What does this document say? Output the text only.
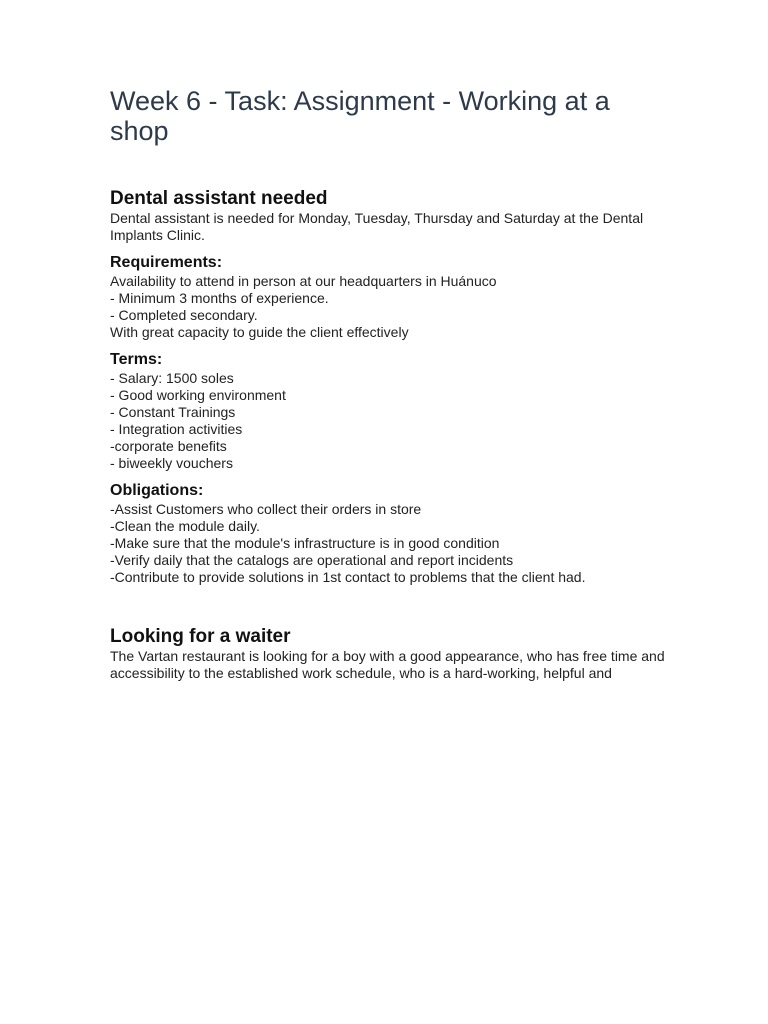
Week 6 - Task: Assignment - Working at a shop
Dental assistant needed

Dental assistant is needed for Monday, Tuesday, Thursday and Saturday at the Dental

Implants Clinic.

Requirements:

Availability to attend in person at our headquarters in Huánuco

- Minimum 3 months of experience.

- Completed secondary.

With great capacity to guide the client effectively

Terms:

- Salary: 1500 soles

- Good working environment

- Constant Trainings

- Integration activities

-corporate benefits

- biweekly vouchers

Obligations:

-Assist Customers who collect their orders in store

-Clean the module daily.

-Make sure that the module's infrastructure is in good condition

-Verify daily that the catalogs are operational and report incidents

-Contribute to provide solutions in 1st contact to problems that the client had.

Looking for a waiter

The Vartan restaurant is looking for a boy with a good appearance, who has free time and

accessibility to the established work schedule, who is a hard-working, helpful and
